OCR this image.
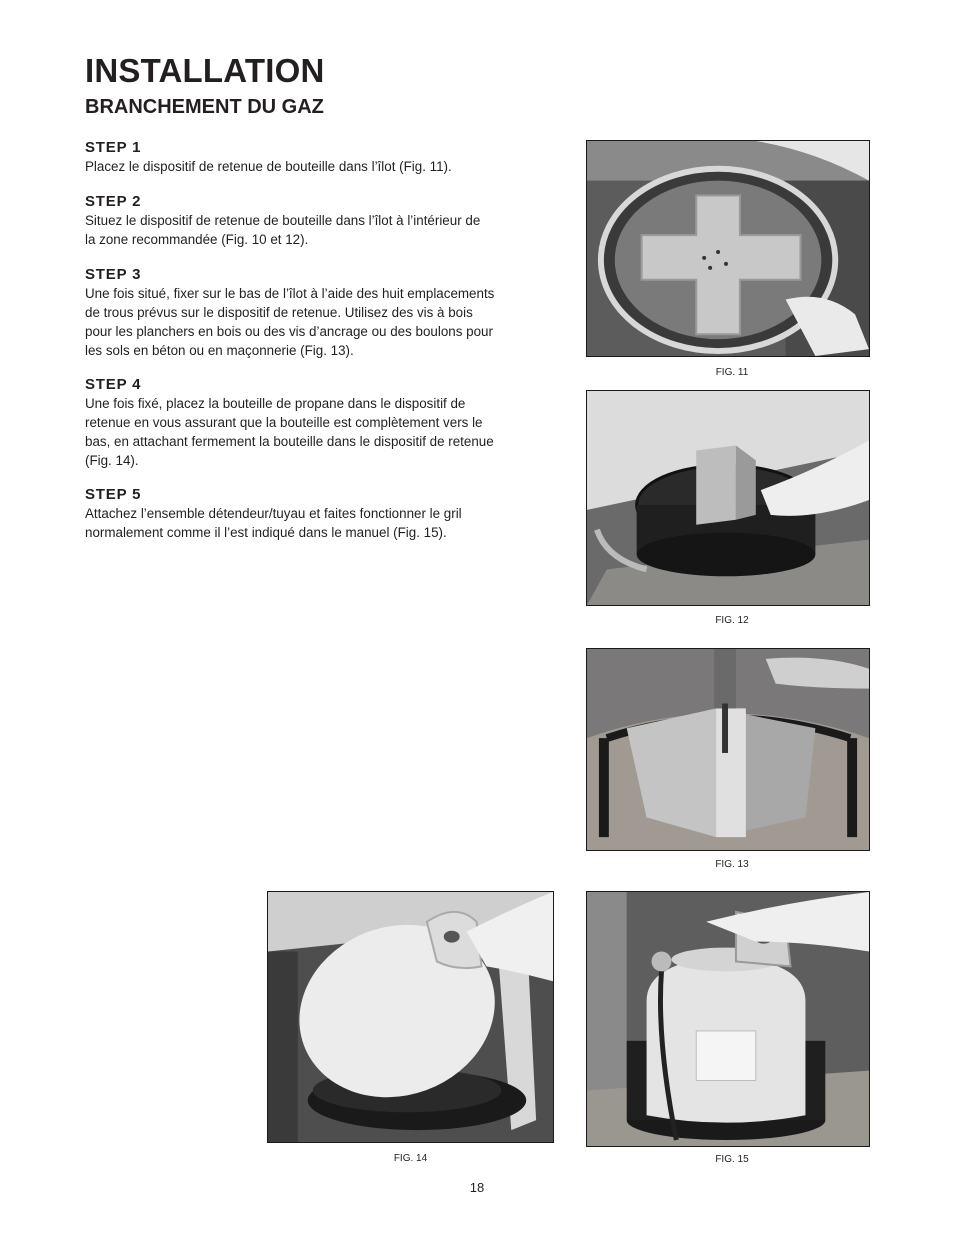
INSTALLATION
BRANCHEMENT DU GAZ
STEP 1

Placez le dispositif de retenue de bouteille dans l’îlot (Fig. 11).

STEP 2

Situez le dispositif de retenue de bouteille dans l’îlot à l’intérieur de
la zone recommandée (Fig. 10 et 12).

STEP 3

Une fois situé, fixer sur le bas de l’îlot à l’aide des huit emplacements
de trous prévus sur le dispositif de retenue. Utilisez des vis à bois
pour les planchers en bois ou des vis d’ancrage ou des boulons pour
les sols en béton ou en maçonnerie (Fig. 13).

STEP 4

Une fois fixé, placez la bouteille de propane dans le dispositif de
retenue en vous assurant que la bouteille est complètement vers le
bas, en attachant fermement la bouteille dans le dispositif de retenue
(Fig. 14).

STEP 5

Attachez l’ensemble détendeur/tuyau et faites fonctionner le gril
normalement comme il l’est indiqué dans le manuel (Fig. 15).

FIG. 11
FIG. 12
FIG. 13
FIG. 14	FIG. 15
18
